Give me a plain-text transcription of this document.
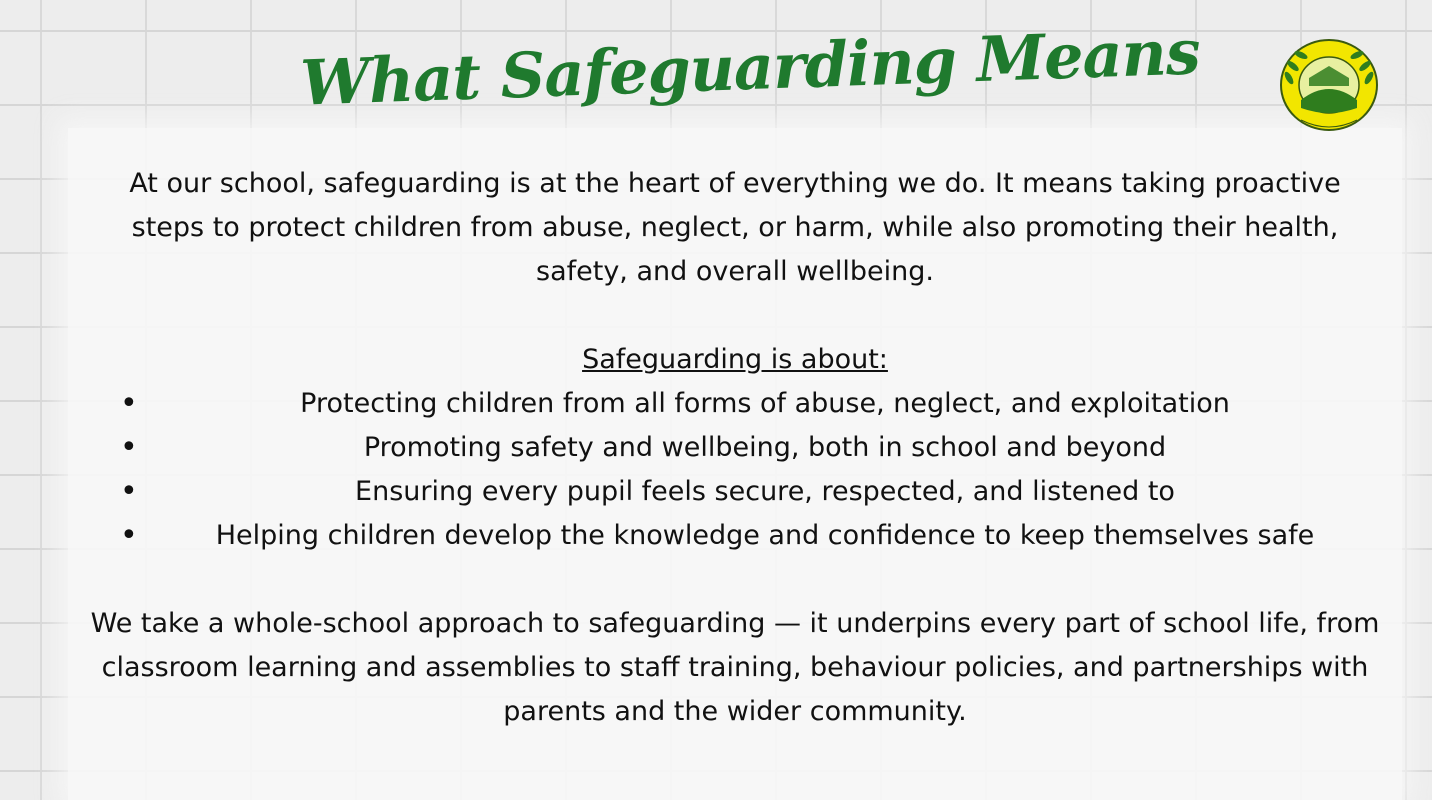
What Safeguarding Means

At our school, safeguarding is at the heart of everything we do. It means taking proactive steps to protect children from abuse, neglect, or harm, while also promoting their health, safety, and overall wellbeing.

Safeguarding is about:

•	Protecting children from all forms of abuse, neglect, and exploitation
•	Promoting safety and wellbeing, both in school and beyond
•	Ensuring every pupil feels secure, respected, and listened to
•	Helping children develop the knowledge and confidence to keep themselves safe

We take a whole-school approach to safeguarding — it underpins every part of school life, from classroom learning and assemblies to staff training, behaviour policies, and partnerships with parents and the wider community.
